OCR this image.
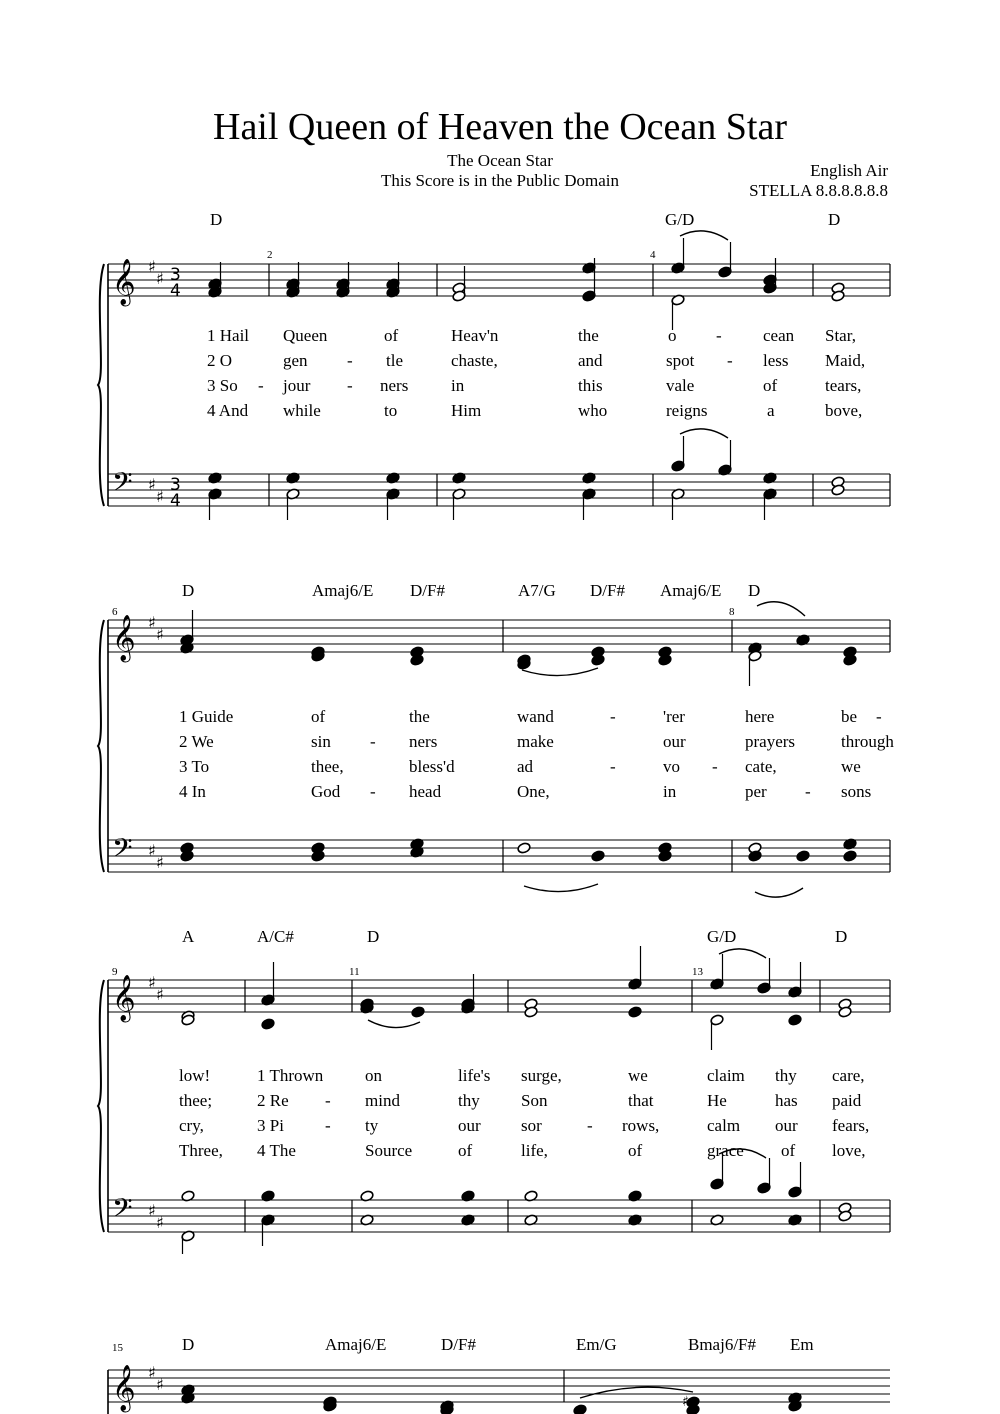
Hail Queen of Heaven the Ocean Star
The Ocean Star
This Score is in the Public Domain
English Air
STELLA 8.8.8.8.8.8
D	G/D	D
2	4
1 Hail Queen	of	Heav'n	the	o - cean Star,
2 O	gen - tle	chaste,	and	spot - less Maid,
3 So - jour - ners	in	this	vale	of	tears,
4 And while	to	Him	who	reigns	a	bove,
D	Amaj6/E D/F#	A7/G D/F# Amaj6/E D
6	8
1 Guide	of	the	wand	-	'rer	here	be -
2 We	sin - ners	make	our	prayers	through
3 To	thee,	bless'd	ad	-	vo - cate,	we
4 In	God - head	One,	in	per - sons
A	A/C#	D	G/D	D
9	11	13
low!	1 Thrown on	life's surge,	we	claim thy care,
thee;	2 Re - mind	thy Son	that	He	has paid
cry,	3 Pi - ty	our sor	- rows,	calm our fears,
Three, 4 The	Source	of	life,	of	grace of love,
D	Amaj6/E	D/F#	Em/G	Bmaj6/F# Em
15
𝄞
𝄢
♯
♯
♯
♯
3
4
3
4
𝄞
𝄢
♯
♯
♯
♯
𝄞
𝄢
♯
♯
♯
♯
𝄞 ♯
♯
♯
